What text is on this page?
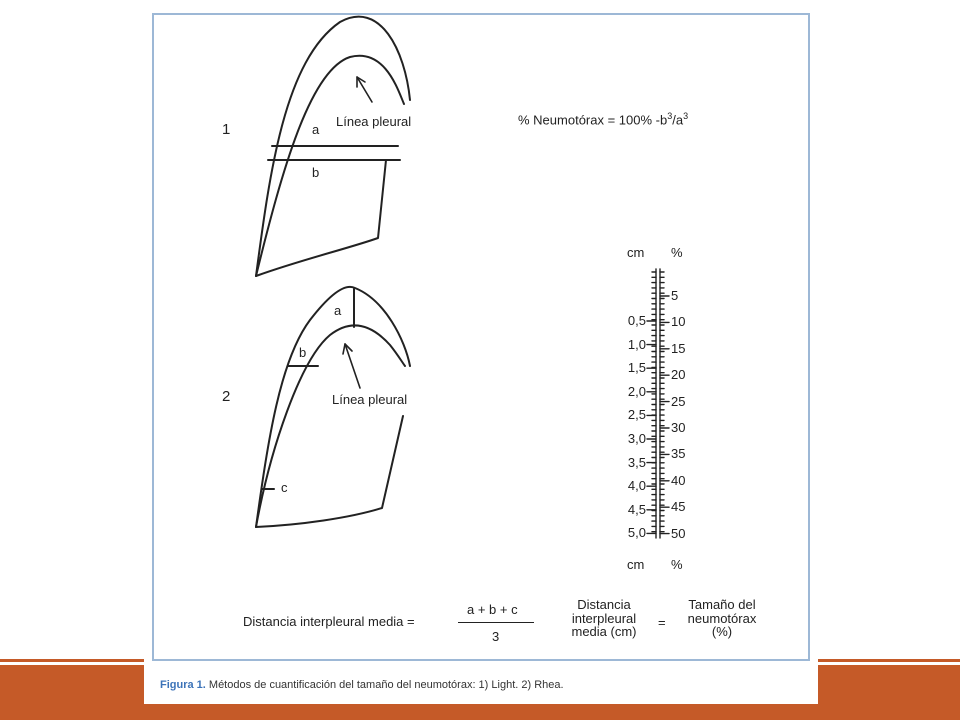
1
2
Línea pleural
Línea pleural
a
b
a
b
c
% Neumotórax = 100% $-b^3/a^3$
cm %
cm %
0,5
1,0
1,5
2,0
2,5
3,0
3,5
4,0
4,5
5,0
5
10
15
20
25
30
35
40
45
50
Distancia interpleural media =
a + b + c
3
Distancia
interpleural
media (cm)
=
Tamaño del
neumotórax
(%)
Figura 1. Métodos de cuantificación del tamaño del neumotórax: 1) Light. 2) Rhea.
